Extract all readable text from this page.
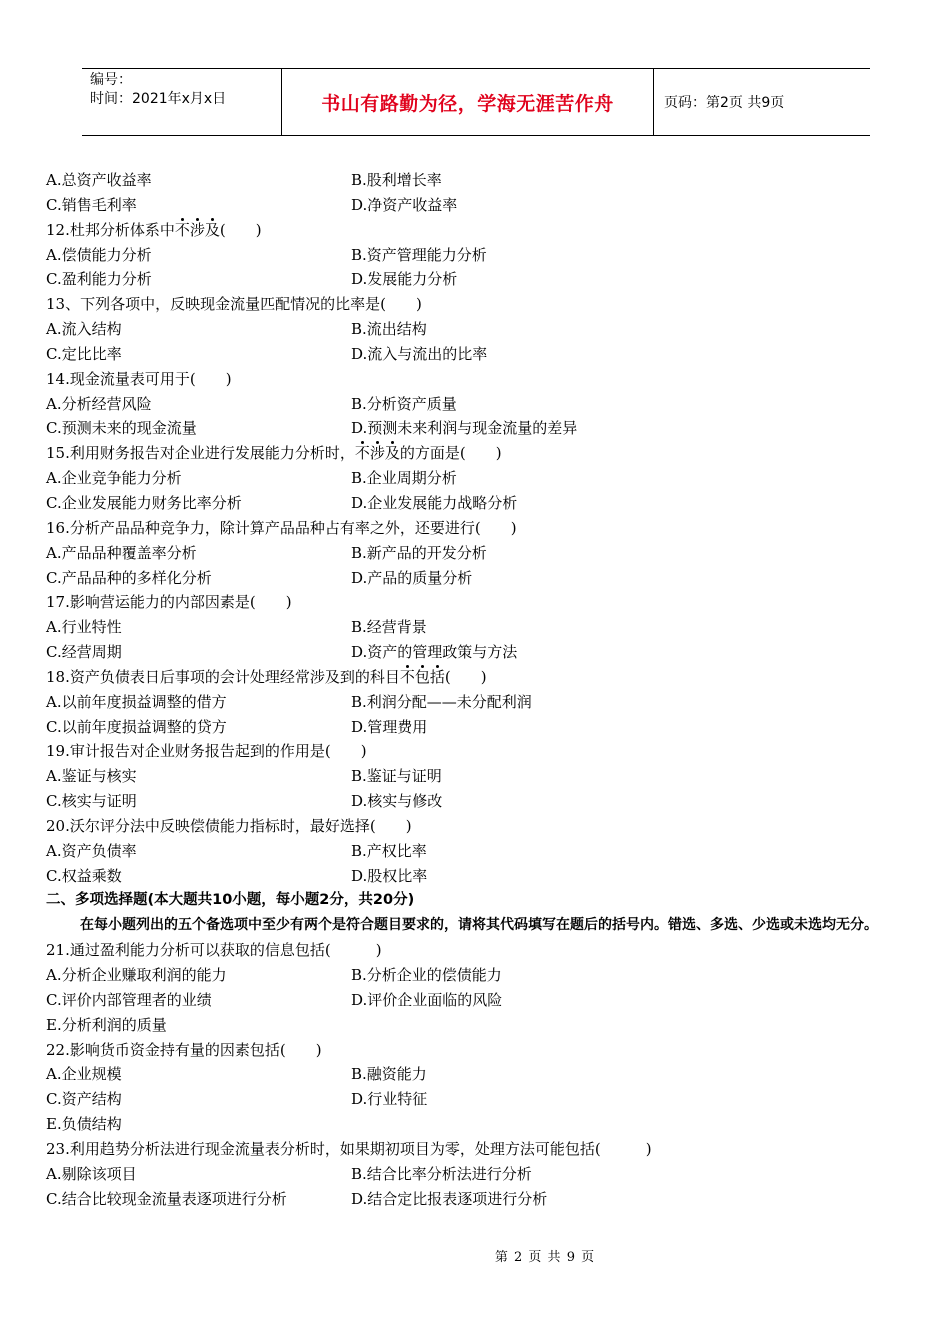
编号：
时间：2021年x月x日	书山有路勤为径，学海无涯苦作舟	页码：第2页 共9页
A.总资产收益率	B.股利增长率
C.销售毛利率	D.净资产收益率
12.杜邦分析体系中不涉及(　　)
A.偿债能力分析	B.资产管理能力分析
C.盈利能力分析	D.发展能力分析
13、下列各项中，反映现金流量匹配情况的比率是(　　)
A.流入结构	B.流出结构
C.定比比率	D.流入与流出的比率
14.现金流量表可用于(　　)
A.分析经营风险	B.分析资产质量
C.预测未来的现金流量	D.预测未来利润与现金流量的差异
15.利用财务报告对企业进行发展能力分析时，不涉及的方面是(　　)
A.企业竞争能力分析	B.企业周期分析
C.企业发展能力财务比率分析	D.企业发展能力战略分析
16.分析产品品种竞争力，除计算产品品种占有率之外，还要进行(　　)
A.产品品种覆盖率分析	B.新产品的开发分析
C.产品品种的多样化分析	D.产品的质量分析
17.影响营运能力的内部因素是(　　)
A.行业特性	B.经营背景
C.经营周期	D.资产的管理政策与方法
18.资产负债表日后事项的会计处理经常涉及到的科目不包括(　　)
A.以前年度损益调整的借方	B.利润分配——未分配利润
C.以前年度损益调整的贷方	D.管理费用
19.审计报告对企业财务报告起到的作用是(　　)
A.鉴证与核实	B.鉴证与证明
C.核实与证明	D.核实与修改
20.沃尔评分法中反映偿债能力指标时，最好选择(　　)
A.资产负债率	B.产权比率
C.权益乘数	D.股权比率
二、多项选择题(本大题共10小题，每小题2分，共20分)
在每小题列出的五个备选项中至少有两个是符合题目要求的，请将其代码填写在题后的括号内。错选、多选、少选或未选均无分。
21.通过盈利能力分析可以获取的信息包括(　　　)
A.分析企业赚取利润的能力	B.分析企业的偿债能力
C.评价内部管理者的业绩	D.评价企业面临的风险
E.分析利润的质量
22.影响货币资金持有量的因素包括(　　)
A.企业规模	B.融资能力
C.资产结构	D.行业特征
E.负债结构
23.利用趋势分析法进行现金流量表分析时，如果期初项目为零，处理方法可能包括(　　　)
A.剔除该项目	B.结合比率分析法进行分析
C.结合比较现金流量表逐项进行分析	D.结合定比报表逐项进行分析
第 2 页 共 9 页
